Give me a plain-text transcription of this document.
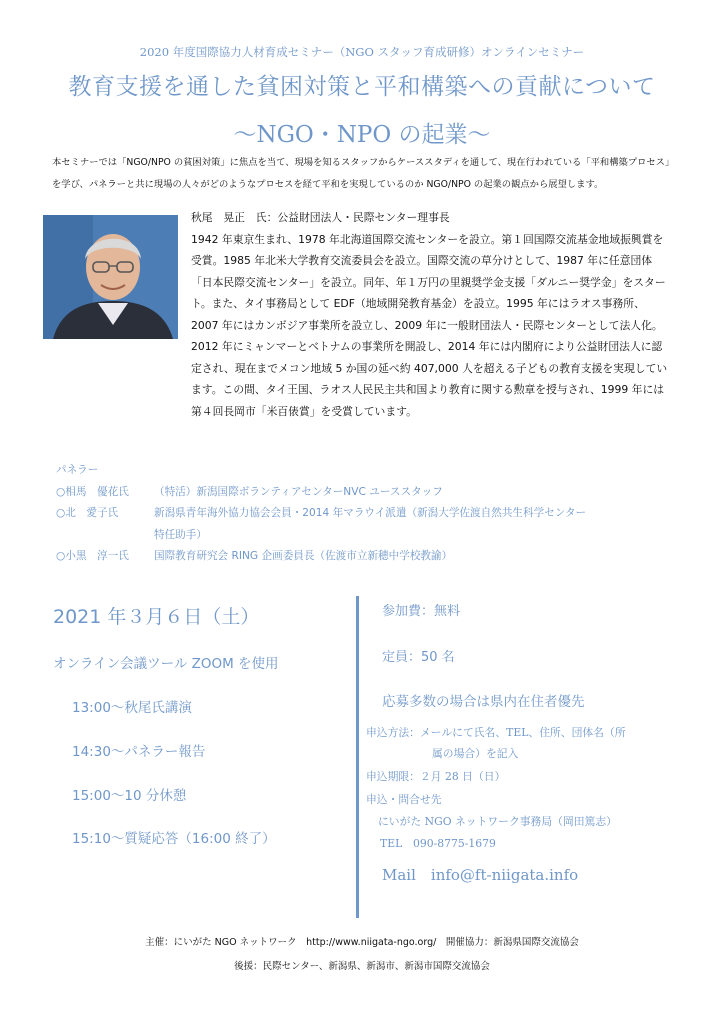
2020 年度国際協力人材育成セミナー（NGO スタッフ育成研修）オンラインセミナー
教育支援を通した貧困対策と平和構築への貢献について
〜NGO・NPO の起業〜
本セミナーでは「NGO/NPO の貧困対策」に焦点を当て、現場を知るスタッフからケーススタディを通して、現在行われている「平和構築プロセス」を学び、パネラーと共に現場の人々がどのようなプロセスを経て平和を実現しているのか NGO/NPO の起業の観点から展望します。
秋尾　晃正　氏：公益財団法人・民際センター理事長
1942 年東京生まれ、1978 年北海道国際交流センターを設立。第１回国際交流基金地域振興賞を受賞。1985 年北米大学教育交流委員会を設立。国際交流の草分けとして、1987 年に任意団体「日本民際交流センター」を設立。同年、年１万円の里親奨学金支援「ダルニー奨学金」をスタート。また、タイ事務局として EDF（地域開発教育基金）を設立。1995 年にはラオス事務所、2007 年にはカンボジア事業所を設立し、2009 年に一般財団法人・民際センターとして法人化。2012 年にミャンマーとベトナムの事業所を開設し、2014 年には内閣府により公益財団法人に認定され、現在までメコン地域 5 か国の延べ約 407,000 人を超える子どもの教育支援を実現しています。この間、タイ王国、ラオス人民民主共和国より教育に関する勲章を授与され、1999 年には第４回長岡市「米百俵賞」を受賞しています。
パネラー
○相馬　優花氏	（特活）新潟国際ボランティアセンターNVC ユーススタッフ
○北　愛子氏	新潟県青年海外協力協会会員・2014 年マラウイ派遣（新潟大学佐渡自然共生科学センター
特任助手）
○小黒　淳一氏	国際教育研究会 RING 企画委員長（佐渡市立新穂中学校教諭）
2021 年３月６日（土）
オンライン会議ツール ZOOM を使用
13:00〜秋尾氏講演
14:30〜パネラー報告
15:00〜10 分休憩
15:10〜質疑応答（16:00 終了）
参加費：無料
定員：50 名
応募多数の場合は県内在住者優先
申込方法：メールにて氏名、TEL、住所、団体名（所
属の場合）を記入
申込期限：２月 28 日（日）
申込・問合せ先
にいがた NGO ネットワーク事務局（岡田篤志）
TEL　090-8775-1679
Mail　info@ft-niigata.info
主催：にいがた NGO ネットワーク　http://www.niigata-ngo.org/　開催協力：新潟県国際交流協会
後援：民際センター、新潟県、新潟市、新潟市国際交流協会
